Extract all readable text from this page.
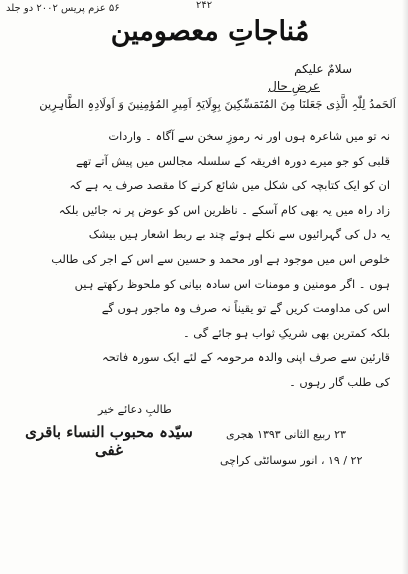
۵۶ عزم پریس ۲۰۰۲ دو جلد	۲۴۲
مُناجاتِ معصومین
سلامٌ علیکم
عرضِ حال
اَلحَمدُ لِلّٰہِ الَّذِی جَعَلنَا مِنَ المُتَمَسِّکِینَ بِوِلَایَۃِ اَمِیرِ المُؤمِنِینَ وَ اَولَادِہِ الطَّاہِرِین
نہ تو میں شاعرہ ہوں اور نہ رموزِ سخن سے آگاہ ۔ واردات
قلبی کو جو میرے دورہ افریقہ کے سلسلہ مجالس میں پیش آتے تھے
ان کو ایک کتابچہ کی شکل میں شائع کرنے کا مقصد صرف یہ ہے کہ
زاد راہ میں یہ بھی کام آسکے ۔ ناظرین اس کو عوض پر نہ جائیں بلکہ
یہ دل کی گہرائیوں سے نکلے ہوئے چند بے ربط اشعار ہیں بیشک
خلوص اس میں موجود ہے اور محمد و حسین سے اس کے اجر کی طالب
ہوں ۔ اگر مومنین و مومنات اس سادہ بیانی کو ملحوظ رکھتے ہیں
اس کی مداومت کریں گے تو یقیناً نہ صرف وہ ماجور ہوں گے
بلکہ کمترین بھی شریکِ ثواب ہو جائے گی ۔
قارئین سے صرف اپنی والدہ مرحومہ کے لئے ایک سورہ فاتحہ
کی طلب گار رہوں ۔
طالبِ دعائے خیر
سیّدہ محبوب النساء باقری غفی
۲۳ ربیع الثانی ۱۳۹۳ ھجری
۲۲ / ۱۹ ، انور سوسائٹی کراچی
